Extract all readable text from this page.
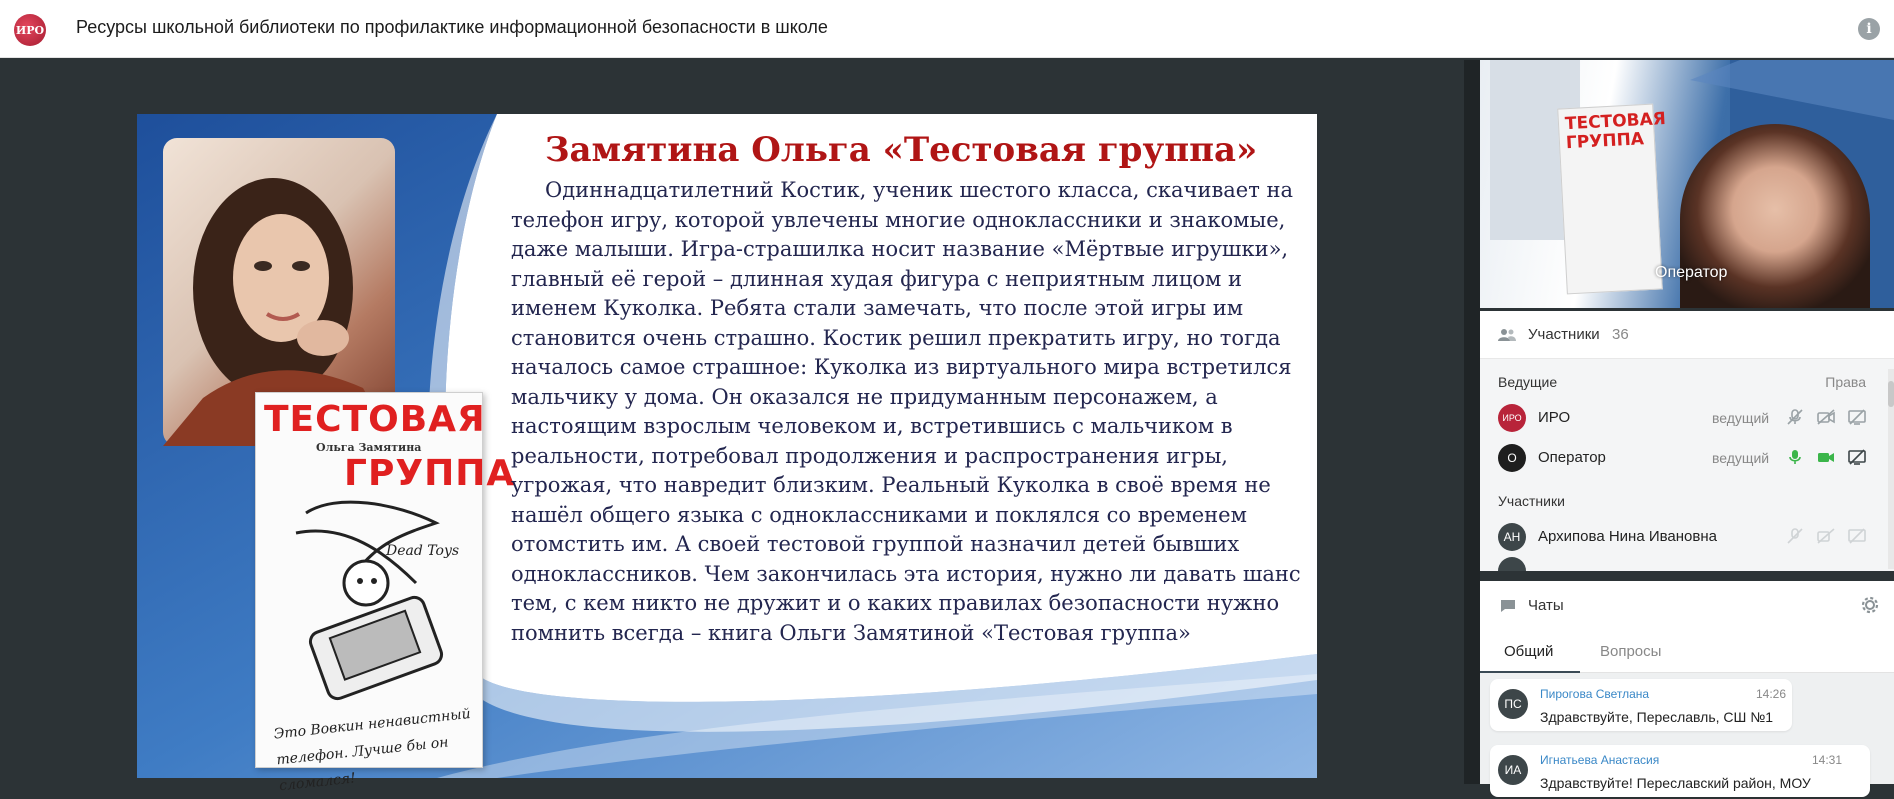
ИРО Ресурсы школьной библиотеки по профилактике информационной безопасности в школе	i
ТЕСТОВАЯ
Ольга Замятина
ГРУППА
Dead Toys
Это Вовкин ненавистный телефон. Лучше бы он сломался!
Замятина Ольга «Тестовая группа»
Одиннадцатилетний Костик, ученик шестого класса, скачивает на телефон игру, которой увлечены многие одноклассники и знакомые, даже малыши. Игра-страшилка носит название «Мёртвые игрушки», главный её герой – длинная худая фигура с неприятным лицом и именем Куколка. Ребята стали замечать, что после этой игры им становится очень страшно. Костик решил прекратить игру, но тогда началось самое страшное: Куколка из виртуального мира встретился мальчику у дома. Он оказался не придуманным персонажем, а настоящим взрослым человеком и, встретившись с мальчиком в реальности, потребовал продолжения и распространения игры, угрожая, что навредит близким. Реальный Куколка в своё время не нашёл общего языка с одноклассниками и поклялся со временем отомстить им. А своей тестовой группой назначил детей бывших одноклассников. Чем закончилась эта история, нужно ли давать шанс тем, с кем никто не дружит и о каких правилах безопасности нужно помнить всегда – книга Ольги Замятиной «Тестовая группа»
ТЕСТОВАЯ ГРУППА
Оператор
Участники 36
Ведущие	Права
ИРО ИРО	ведущий
О	Оператор	ведущий
Участники
АН	Архипова Нина Ивановна
Чаты
Общий	Вопросы
ПС
Пирогова Светлана	14:26
Здравствуйте, Переславль, СШ №1
ИА
Игнатьева Анастасия	14:31
Здравствуйте! Переславский район, МОУ
